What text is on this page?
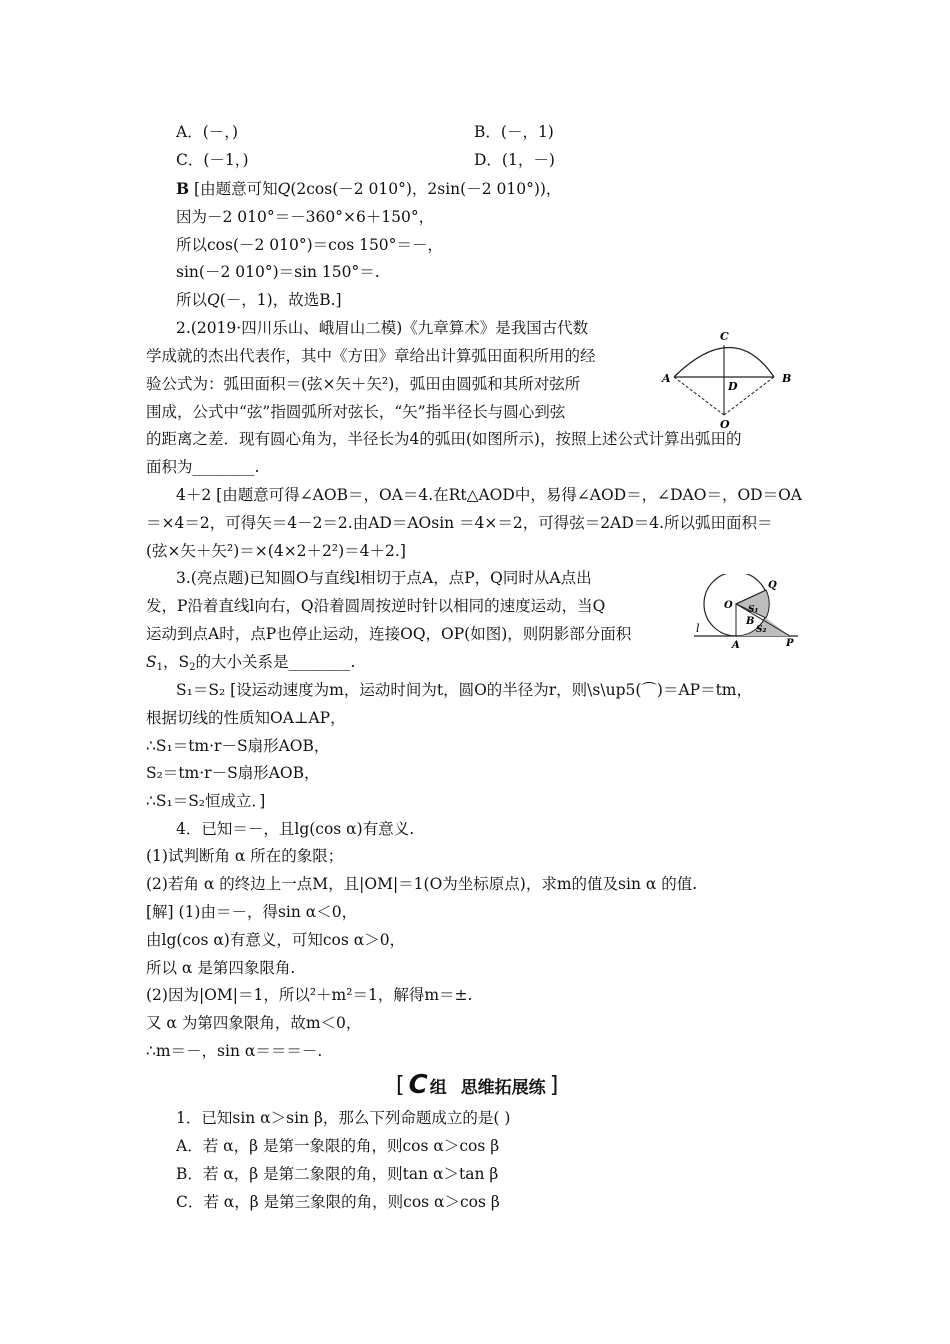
A．(－，)	B．(－，1)
C．(－1，)	D．(1，－)
B [由题意可知Q(2cos(－2 010°)，2sin(－2 010°))，
因为－2 010°＝－360°×6＋150°，
所以cos(－2 010°)＝cos 150°＝－，
sin(－2 010°)＝sin 150°＝.
所以Q(－，1)，故选B.]
2.(2019·四川乐山、峨眉山二模)《九章算术》是我国古代数
学成就的杰出代表作，其中《方田》章给出计算弧田面积所用的经
验公式为：弧田面积＝(弦×矢＋矢²)，弧田由圆弧和其所对弦所
围成，公式中“弦”指圆弧所对弦长，“矢”指半径长与圆心到弦
的距离之差．现有圆心角为，半径长为4的弧田(如图所示)，按照上述公式计算出弧田的
面积为________.
C
A	B
D
O
4＋2 [由题意可得∠AOB＝，OA＝4.在Rt△AOD中，易得∠AOD＝，∠DAO＝，OD＝OA
＝×4＝2，可得矢＝4－2＝2.由AD＝AOsin ＝4×＝2，可得弦＝2AD＝4.所以弧田面积＝
(弦×矢＋矢²)＝×(4×2＋2²)＝4＋2.]
3.(亮点题)已知圆O与直线l相切于点A，点P，Q同时从A点出
发，P沿着直线l向右，Q沿着圆周按逆时针以相同的速度运动，当Q
运动到点A时，点P也停止运动，连接OQ，OP(如图)，则阴影部分面积
$S_1$，$S_2$的大小关系是________.
O
Q
B
S₁
S₂
l
A	P
S₁＝S₂ [设运动速度为m，运动时间为t，圆O的半径为r，则\s\up5(⌒)＝AP＝tm，
根据切线的性质知OA⊥AP，
∴S₁＝tm·r－S扇形AOB，
S₂＝tm·r－S扇形AOB，
∴S₁＝S₂恒成立．]
4．已知＝－，且lg(cos α)有意义.
(1)试判断角 α 所在的象限；
(2)若角 α 的终边上一点M，且|OM|＝1(O为坐标原点)，求m的值及sin α 的值.
[解] (1)由＝－，得sin α＜0，
由lg(cos α)有意义，可知cos α＞0，
所以 α 是第四象限角.
(2)因为|OM|＝1，所以²＋m²＝1，解得m＝±.
又 α 为第四象限角，故m＜0，
∴m＝－，sin α＝＝＝－.
[ C 组 思维拓展练 ]
1．已知sin α＞sin β，那么下列命题成立的是( )
A．若 α，β 是第一象限的角，则cos α＞cos β
B．若 α，β 是第二象限的角，则tan α＞tan β
C．若 α，β 是第三象限的角，则cos α＞cos β
